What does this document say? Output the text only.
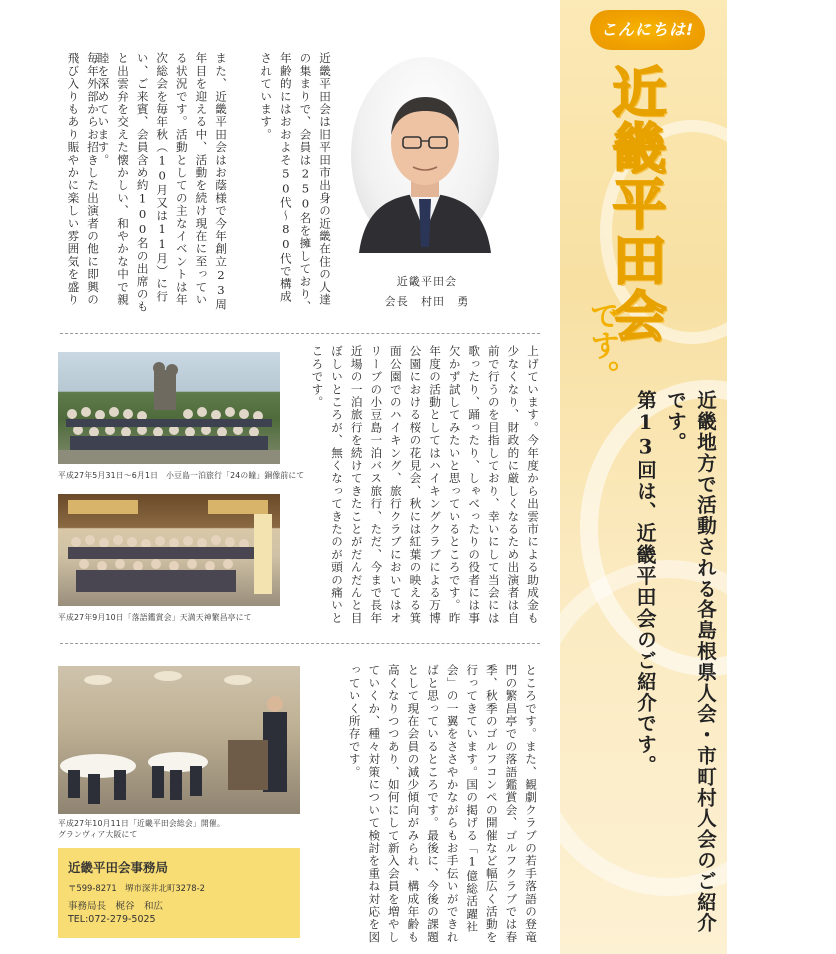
こんにちは!
近畿平田会
です。
近畿地方で活動される各島根県人会・市町村人会のご紹介です。
第13回は、近畿平田会のご紹介です。
近畿平田会
会長　村田　勇
近畿平田会は旧平田市出身の近畿在住の人達の集まりで、会員は250名を擁しており、年齢的にはおおよそ50代〜80代で構成されています。
また、近畿平田会はお蔭様で今年創立23周年目を迎える中、活動を続け現在に至っている状況です。活動としての主なイベントは年次総会を毎年秋（10月又は11月）に行い、ご来賓、会員含め約100名の出席のもと出雲弁を交えた懐かしい、和やかな中で親睦を深めています。
毎年外部からお招きした出演者の他に即興の飛び入りもあり賑やかに楽しい雰囲気を盛り
上げています。今年度から出雲市による助成金も少なくなり、財政的に厳しくなるため出演者は自前で行うのを目指しており、幸いにして当会には歌ったり、踊ったり、しゃべったりの役者には事欠かず試してみたいと思っているところです。昨年度の活動としてはハイキングクラブによる万博公園における桜の花見会、秋には紅葉の映える箕面公園でのハイキング、旅行クラブにおいてはオリーブの小豆島一泊バス旅行、ただ、今まで長年近場の一泊旅行を続けてきたことがだんだんと目ぼしいところが、無くなってきたのが頭の痛いところです。
平成27年5月31日〜6月1日　小豆島一泊旅行「24の瞳」銅像前にて
平成27年9月10日「落語鑑賞会」天満天神繁昌亭にて
平成27年10月11日「近畿平田会総会」開催。
グランヴィア大阪にて	ところです。また、観劇クラブの若手落語の登竜門の繁昌亭での落語鑑賞会、ゴルフクラブでは春季、秋季のゴルフコンペの開催など幅広く活動を行ってきています。国の掲げる「1億総活躍社会」の一翼をささやかながらもお手伝いができればと思っているところです。最後に、今後の課題として現在会員の減少傾向がみられ、構成年齢も高くなりつつあり、如何にして新入会員を増やしていくか、種々対策について検討を重ね対応を図っていく所存です。
近畿平田会事務局
〒599-8271　堺市深井北町3278-2
事務局長　梶谷　和広
TEL:072-279-5025
